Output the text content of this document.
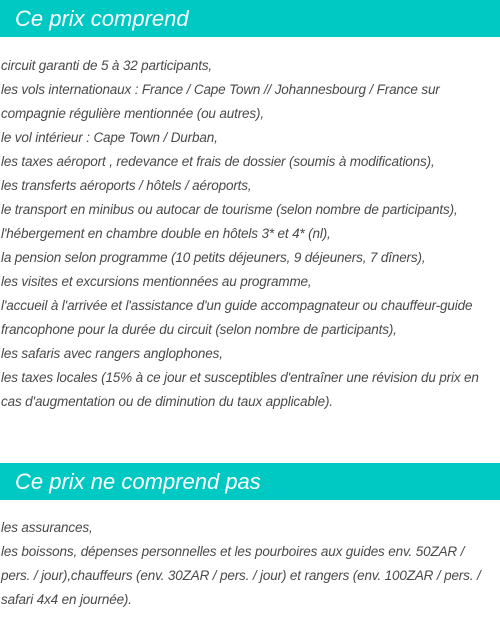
Ce prix comprend
circuit garanti de 5 à 32 participants,
les vols internationaux : France / Cape Town // Johannesbourg / France sur compagnie régulière mentionnée (ou autres),
le vol intérieur : Cape Town / Durban,
les taxes aéroport , redevance et frais de dossier (soumis à modifications),
les transferts aéroports / hôtels / aéroports,
le transport en minibus ou autocar de tourisme (selon nombre de participants),
l'hébergement en chambre double en hôtels 3* et 4* (nl),
la pension selon programme (10 petits déjeuners, 9 déjeuners, 7 dîners),
les visites et excursions mentionnées au programme,
l'accueil à l'arrivée et l'assistance d'un guide accompagnateur ou chauffeur-guide francophone pour la durée du circuit (selon nombre de participants),
les safaris avec rangers anglophones,
les taxes locales (15% à ce jour et susceptibles d'entraîner une révision du prix en cas d'augmentation ou de diminution du taux applicable).
Ce prix ne comprend pas
les assurances,
les boissons, dépenses personnelles et les pourboires aux guides env. 50ZAR / pers. / jour),chauffeurs (env. 30ZAR / pers. / jour) et rangers (env. 100ZAR / pers. / safari 4x4 en journée).
